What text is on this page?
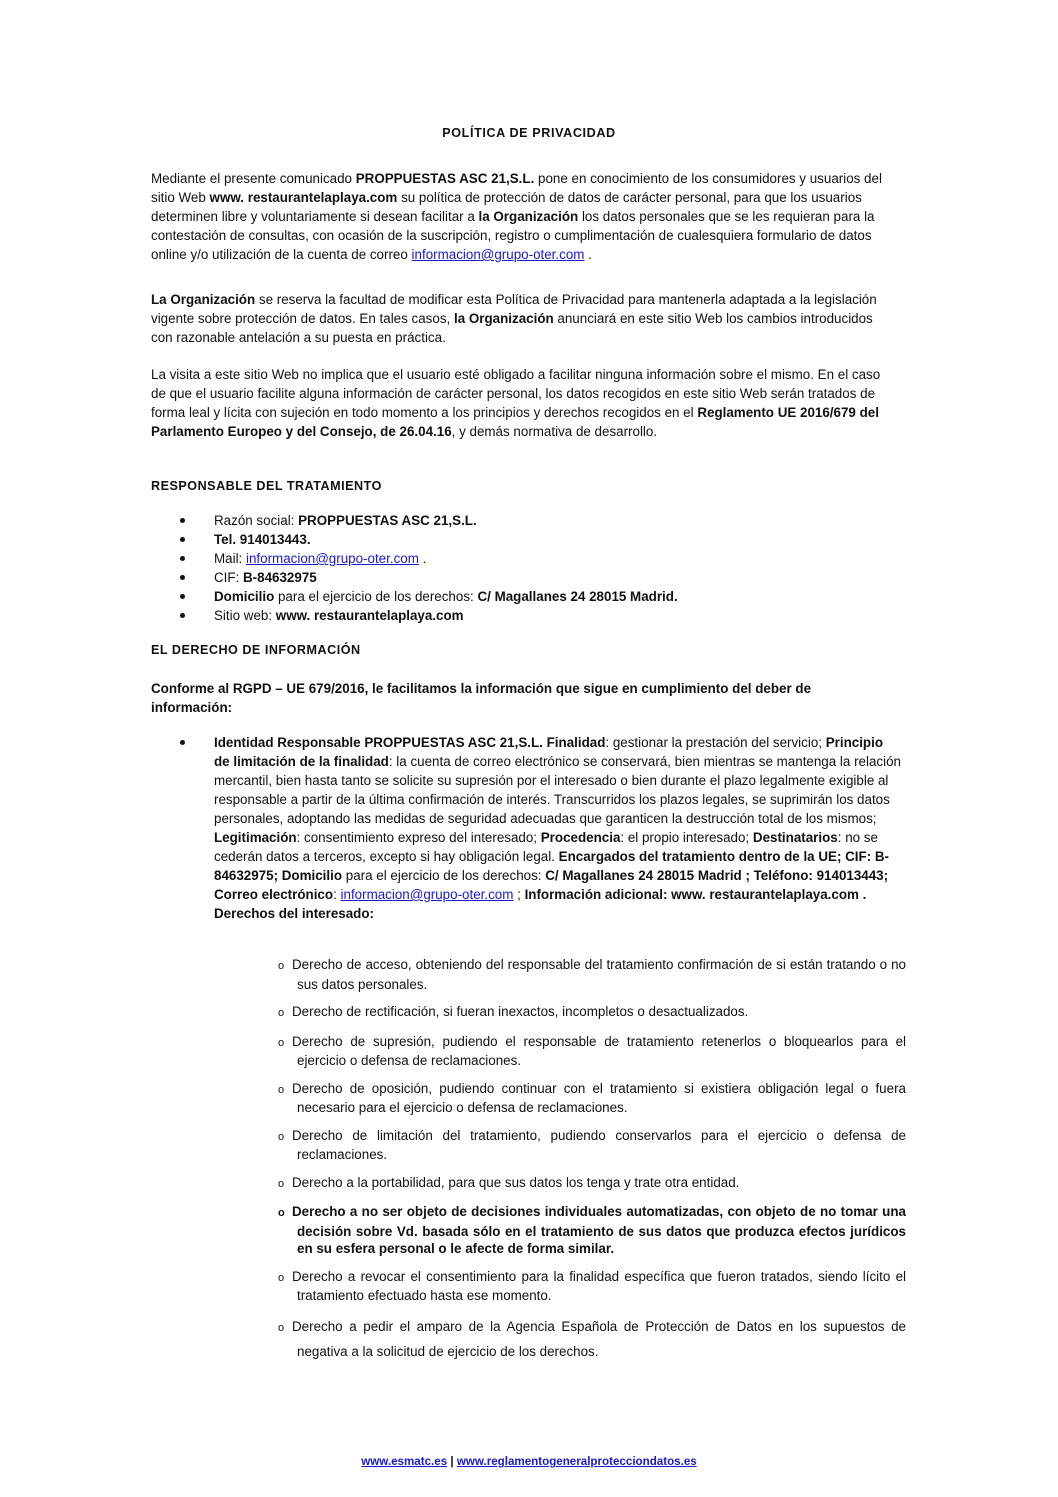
POLÍTICA DE PRIVACIDAD

Mediante el presente comunicado PROPPUESTAS ASC 21,S.L. pone en conocimiento de los consumidores y usuarios del sitio Web www. restaurantelaplaya.com su política de protección de datos de carácter personal, para que los usuarios determinen libre y voluntariamente si desean facilitar a la Organización los datos personales que se les requieran para la contestación de consultas, con ocasión de la suscripción, registro o cumplimentación de cualesquiera formulario de datos online y/o utilización de la cuenta de correo informacion@grupo-oter.com .

La Organización se reserva la facultad de modificar esta Política de Privacidad para mantenerla adaptada a la legislación vigente sobre protección de datos. En tales casos, la Organización anunciará en este sitio Web los cambios introducidos con razonable antelación a su puesta en práctica.

La visita a este sitio Web no implica que el usuario esté obligado a facilitar ninguna información sobre el mismo. En el caso de que el usuario facilite alguna información de carácter personal, los datos recogidos en este sitio Web serán tratados de forma leal y lícita con sujeción en todo momento a los principios y derechos recogidos en el Reglamento UE 2016/679 del Parlamento Europeo y del Consejo, de 26.04.16, y demás normativa de desarrollo.

RESPONSABLE DEL TRATAMIENTO

Razón social: PROPPUESTAS ASC 21,S.L.
Tel. 914013443.
Mail: informacion@grupo-oter.com .
CIF: B-84632975
Domicilio para el ejercicio de los derechos: C/ Magallanes 24 28015 Madrid.
Sitio web: www. restaurantelaplaya.com

EL DERECHO DE INFORMACIÓN

Conforme al RGPD – UE 679/2016, le facilitamos la información que sigue en cumplimiento del deber de información:

Identidad Responsable PROPPUESTAS ASC 21,S.L. Finalidad: gestionar la prestación del servicio; Principio de limitación de la finalidad: la cuenta de correo electrónico se conservará, bien mientras se mantenga la relación mercantil, bien hasta tanto se solicite su supresión por el interesado o bien durante el plazo legalmente exigible al responsable a partir de la última confirmación de interés. Transcurridos los plazos legales, se suprimirán los datos personales, adoptando las medidas de seguridad adecuadas que garanticen la destrucción total de los mismos; Legitimación: consentimiento expreso del interesado; Procedencia: el propio interesado; Destinatarios: no se cederán datos a terceros, excepto si hay obligación legal. Encargados del tratamiento dentro de la UE; CIF: B-84632975; Domicilio para el ejercicio de los derechos: C/ Magallanes 24 28015 Madrid ; Teléfono: 914013443; Correo electrónico: informacion@grupo-oter.com ; Información adicional: www. restaurantelaplaya.com . Derechos del interesado:

o Derecho de acceso, obteniendo del responsable del tratamiento confirmación de si están tratando o no sus datos personales.
o Derecho de rectificación, si fueran inexactos, incompletos o desactualizados.
o Derecho de supresión, pudiendo el responsable de tratamiento retenerlos o bloquearlos para el ejercicio o defensa de reclamaciones.
o Derecho de oposición, pudiendo continuar con el tratamiento si existiera obligación legal o fuera necesario para el ejercicio o defensa de reclamaciones.
o Derecho de limitación del tratamiento, pudiendo conservarlos para el ejercicio o defensa de reclamaciones.
o Derecho a la portabilidad, para que sus datos los tenga y trate otra entidad.
o Derecho a no ser objeto de decisiones individuales automatizadas, con objeto de no tomar una decisión sobre Vd. basada sólo en el tratamiento de sus datos que produzca efectos jurídicos en su esfera personal o le afecte de forma similar.
o Derecho a revocar el consentimiento para la finalidad específica que fueron tratados, siendo lícito el tratamiento efectuado hasta ese momento.
o Derecho a pedir el amparo de la Agencia Española de Protección de Datos en los supuestos de negativa a la solicitud de ejercicio de los derechos.
www.esmatc.es | www.reglamentogeneralprotecciondatos.es
